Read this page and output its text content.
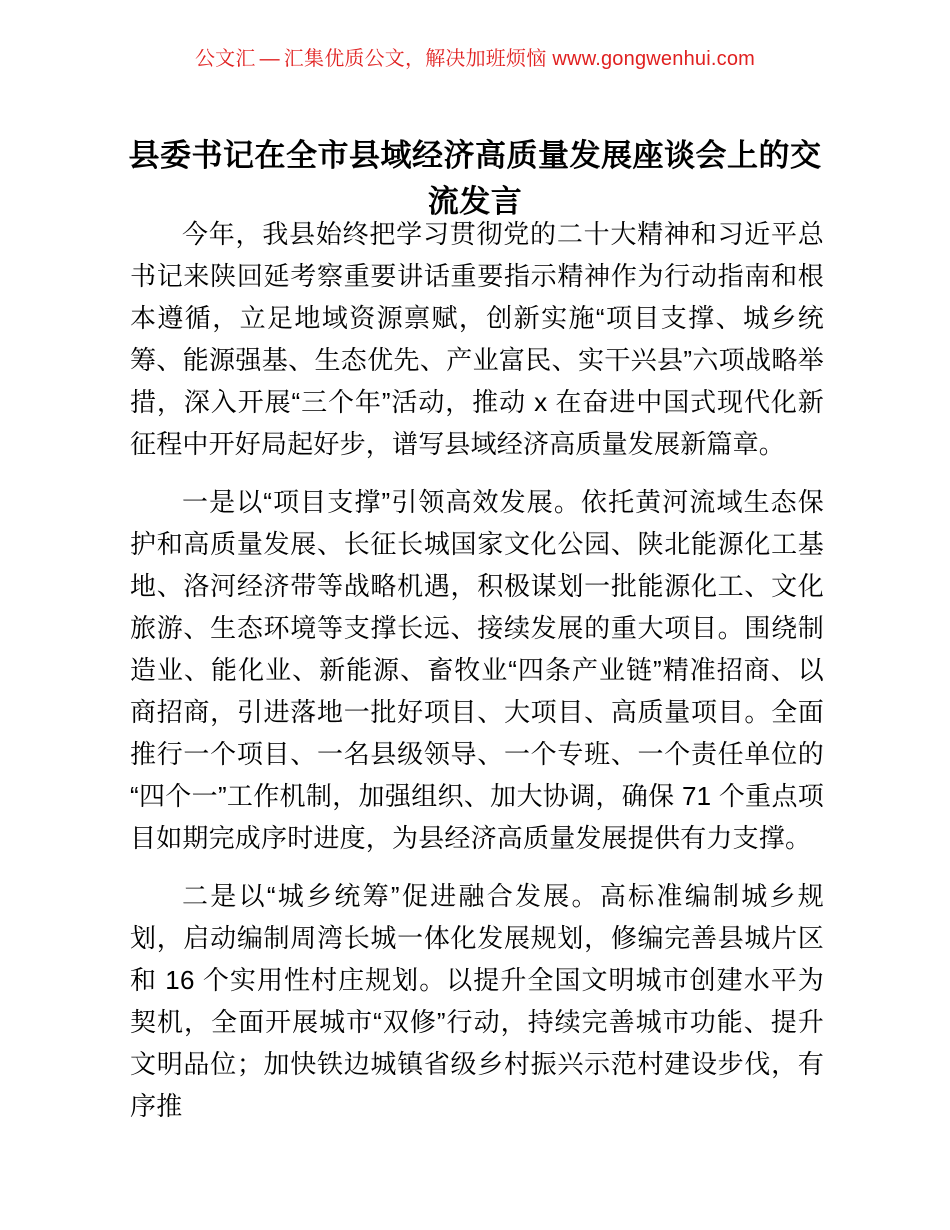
公文汇 — 汇集优质公文，解决加班烦恼 www.gongwenhui.com
县委书记在全市县域经济高质量发展座谈会上的交流发言

今年，我县始终把学习贯彻党的二十大精神和习近平总书记来陕回延考察重要讲话重要指示精神作为行动指南和根本遵循，立足地域资源禀赋，创新实施“项目支撑、城乡统筹、能源强基、生态优先、产业富民、实干兴县”六项战略举措，深入开展“三个年”活动，推动 x 在奋进中国式现代化新征程中开好局起好步，谱写县域经济高质量发展新篇章。

一是以“项目支撑”引领高效发展。依托黄河流域生态保护和高质量发展、长征长城国家文化公园、陕北能源化工基地、洛河经济带等战略机遇，积极谋划一批能源化工、文化旅游、生态环境等支撑长远、接续发展的重大项目。围绕制造业、能化业、新能源、畜牧业“四条产业链”精准招商、以商招商，引进落地一批好项目、大项目、高质量项目。全面推行一个项目、一名县级领导、一个专班、一个责任单位的“四个一”工作机制，加强组织、加大协调，确保 71 个重点项目如期完成序时进度，为县经济高质量发展提供有力支撑。

二是以“城乡统筹”促进融合发展。高标准编制城乡规划，启动编制周湾长城一体化发展规划，修编完善县城片区和 16 个实用性村庄规划。以提升全国文明城市创建水平为契机，全面开展城市“双修”行动，持续完善城市功能、提升文明品位；加快铁边城镇省级乡村振兴示范村建设步伐，有序推
